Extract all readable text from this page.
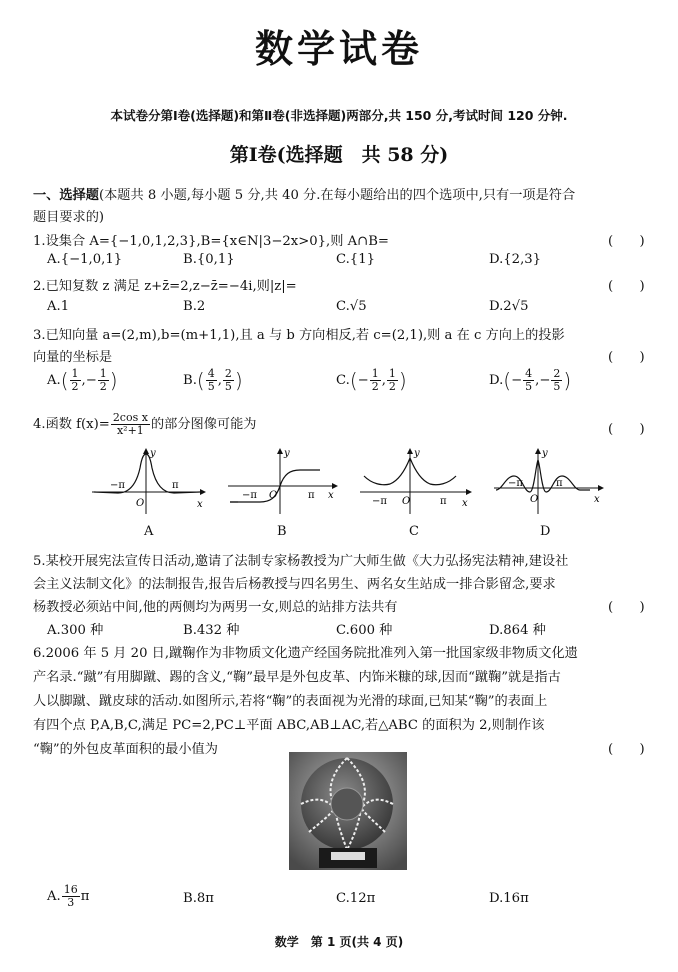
数学试卷
本试卷分第Ⅰ卷(选择题)和第Ⅱ卷(非选择题)两部分,共 150 分,考试时间 120 分钟.
第Ⅰ卷(选择题　共 58 分)
一、选择题(本题共 8 小题,每小题 5 分,共 40 分.在每小题给出的四个选项中,只有一项是符合
题目要求的)
1.设集合 A={−1,0,1,2,3},B={x∈N|3−2x>0},则 A∩B=	(　　)
A.{−1,0,1}	B.{0,1}	C.{1}	D.{2,3}
2.已知复数 z 满足 z+z̄=2,z−z̄=−4i,则|z|=	(　　)
A.1	B.2	C.√5	D.2√5
3.已知向量 a=(2,m),b=(m+1,1),且 a 与 b 方向相反,若 c=(2,1),则 a 在 c 方向上的投影
向量的坐标是	(　　)
$A.( \frac{1}{2}$ ,− $\frac{1}{2}$ )	$B.( \frac{4}{5}$ , $\frac{2}{5}$ )	$C.(- \frac{1}{2}$ , $\frac{1}{2}$ )	$D.(- \frac{4}{5}$ ,− $\frac{2}{5}$ )
4.函数 $f(x)= \frac{\text{2cos x}}{\text{x²+1}}$ 的部分图像可能为	(　　)
−π	π
O	x
y
A
−π	π
O	x
y
B
−π	π
O	x
y
C
−π	π
O	x
y
D
5.某校开展宪法宣传日活动,邀请了法制专家杨教授为广大师生做《大力弘扬宪法精神,建设社
会主义法制文化》的法制报告,报告后杨教授与四名男生、两名女生站成一排合影留念,要求
杨教授必须站中间,他的两侧均为两男一女,则总的站排方法共有	(　　)
A.300 种	B.432 种	C.600 种	D.864 种
6.2006 年 5 月 20 日,蹴鞠作为非物质文化遗产经国务院批准列入第一批国家级非物质文化遗
产名录.“蹴”有用脚蹴、踢的含义,“鞠”最早是外包皮革、内饰米糠的球,因而“蹴鞠”就是指古
人以脚蹴、蹴皮球的活动.如图所示,若将“鞠”的表面视为光滑的球面,已知某“鞠”的表面上
有四个点 P,A,B,C,满足 PC=2,PC⊥平面 ABC,AB⊥AC,若△ABC 的面积为 2,则制作该
“鞠”的外包皮革面积的最小值为	(　　)
A. $\frac{16}{3}$ π	B.8π	C.12π	D.16π
数学　第 1 页(共 4 页)
